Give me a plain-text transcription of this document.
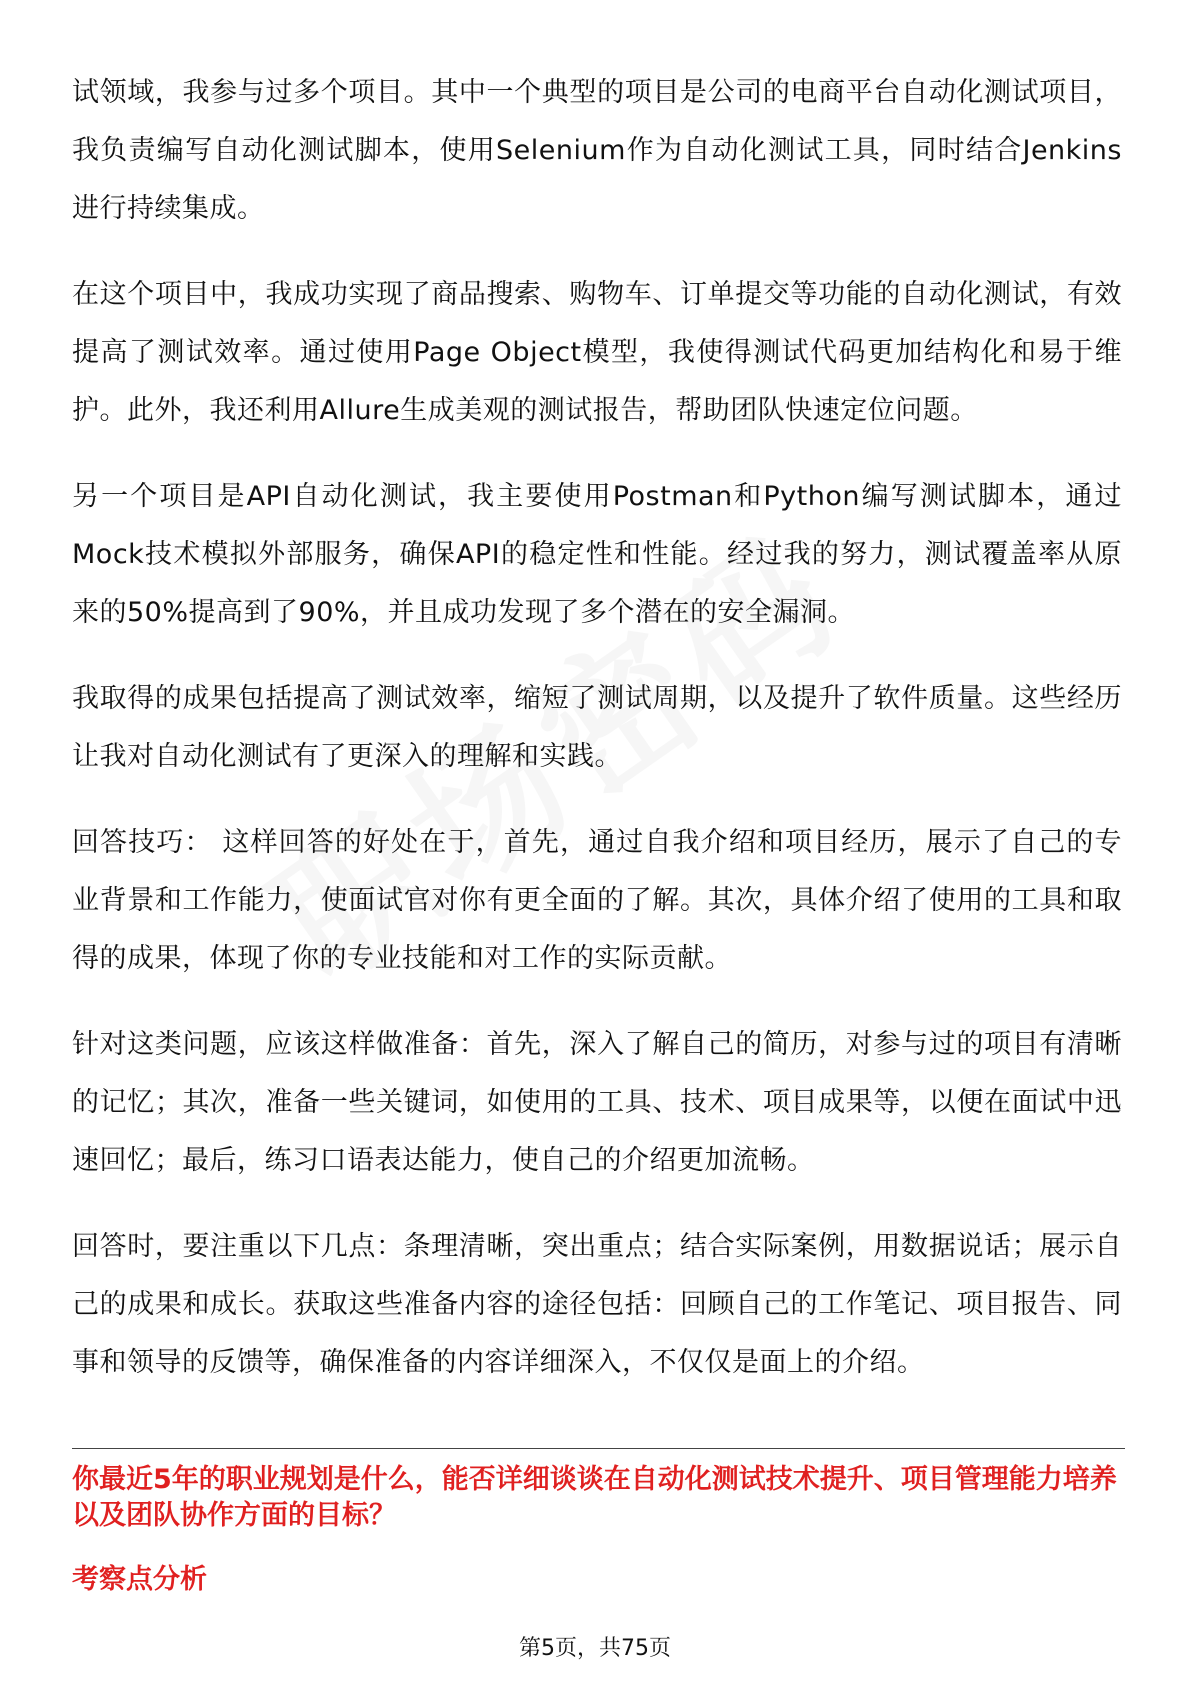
试领域，我参与过多个项目。其中一个典型的项目是公司的电商平台自动化测试项目，我负责编写自动化测试脚本，使用Selenium作为自动化测试工具，同时结合Jenkins进行持续集成。

在这个项目中，我成功实现了商品搜索、购物车、订单提交等功能的自动化测试，有效提高了测试效率。通过使用Page Object模型，我使得测试代码更加结构化和易于维护。此外，我还利用Allure生成美观的测试报告，帮助团队快速定位问题。

另一个项目是API自动化测试，我主要使用Postman和Python编写测试脚本，通过Mock技术模拟外部服务，确保API的稳定性和性能。经过我的努力，测试覆盖率从原来的50%提高到了90%，并且成功发现了多个潜在的安全漏洞。

我取得的成果包括提高了测试效率，缩短了测试周期，以及提升了软件质量。这些经历让我对自动化测试有了更深入的理解和实践。

回答技巧： 这样回答的好处在于，首先，通过自我介绍和项目经历，展示了自己的专业背景和工作能力，使面试官对你有更全面的了解。其次，具体介绍了使用的工具和取得的成果，体现了你的专业技能和对工作的实际贡献。

针对这类问题，应该这样做准备：首先，深入了解自己的简历，对参与过的项目有清晰的记忆；其次，准备一些关键词，如使用的工具、技术、项目成果等，以便在面试中迅速回忆；最后，练习口语表达能力，使自己的介绍更加流畅。

回答时，要注重以下几点：条理清晰，突出重点；结合实际案例，用数据说话；展示自己的成果和成长。获取这些准备内容的途径包括：回顾自己的工作笔记、项目报告、同事和领导的反馈等，确保准备的内容详细深入，不仅仅是面上的介绍。

你最近5年的职业规划是什么，能否详细谈谈在自动化测试技术提升、项目管理能力培养以及团队协作方面的目标？

考察点分析

第5页，共75页
